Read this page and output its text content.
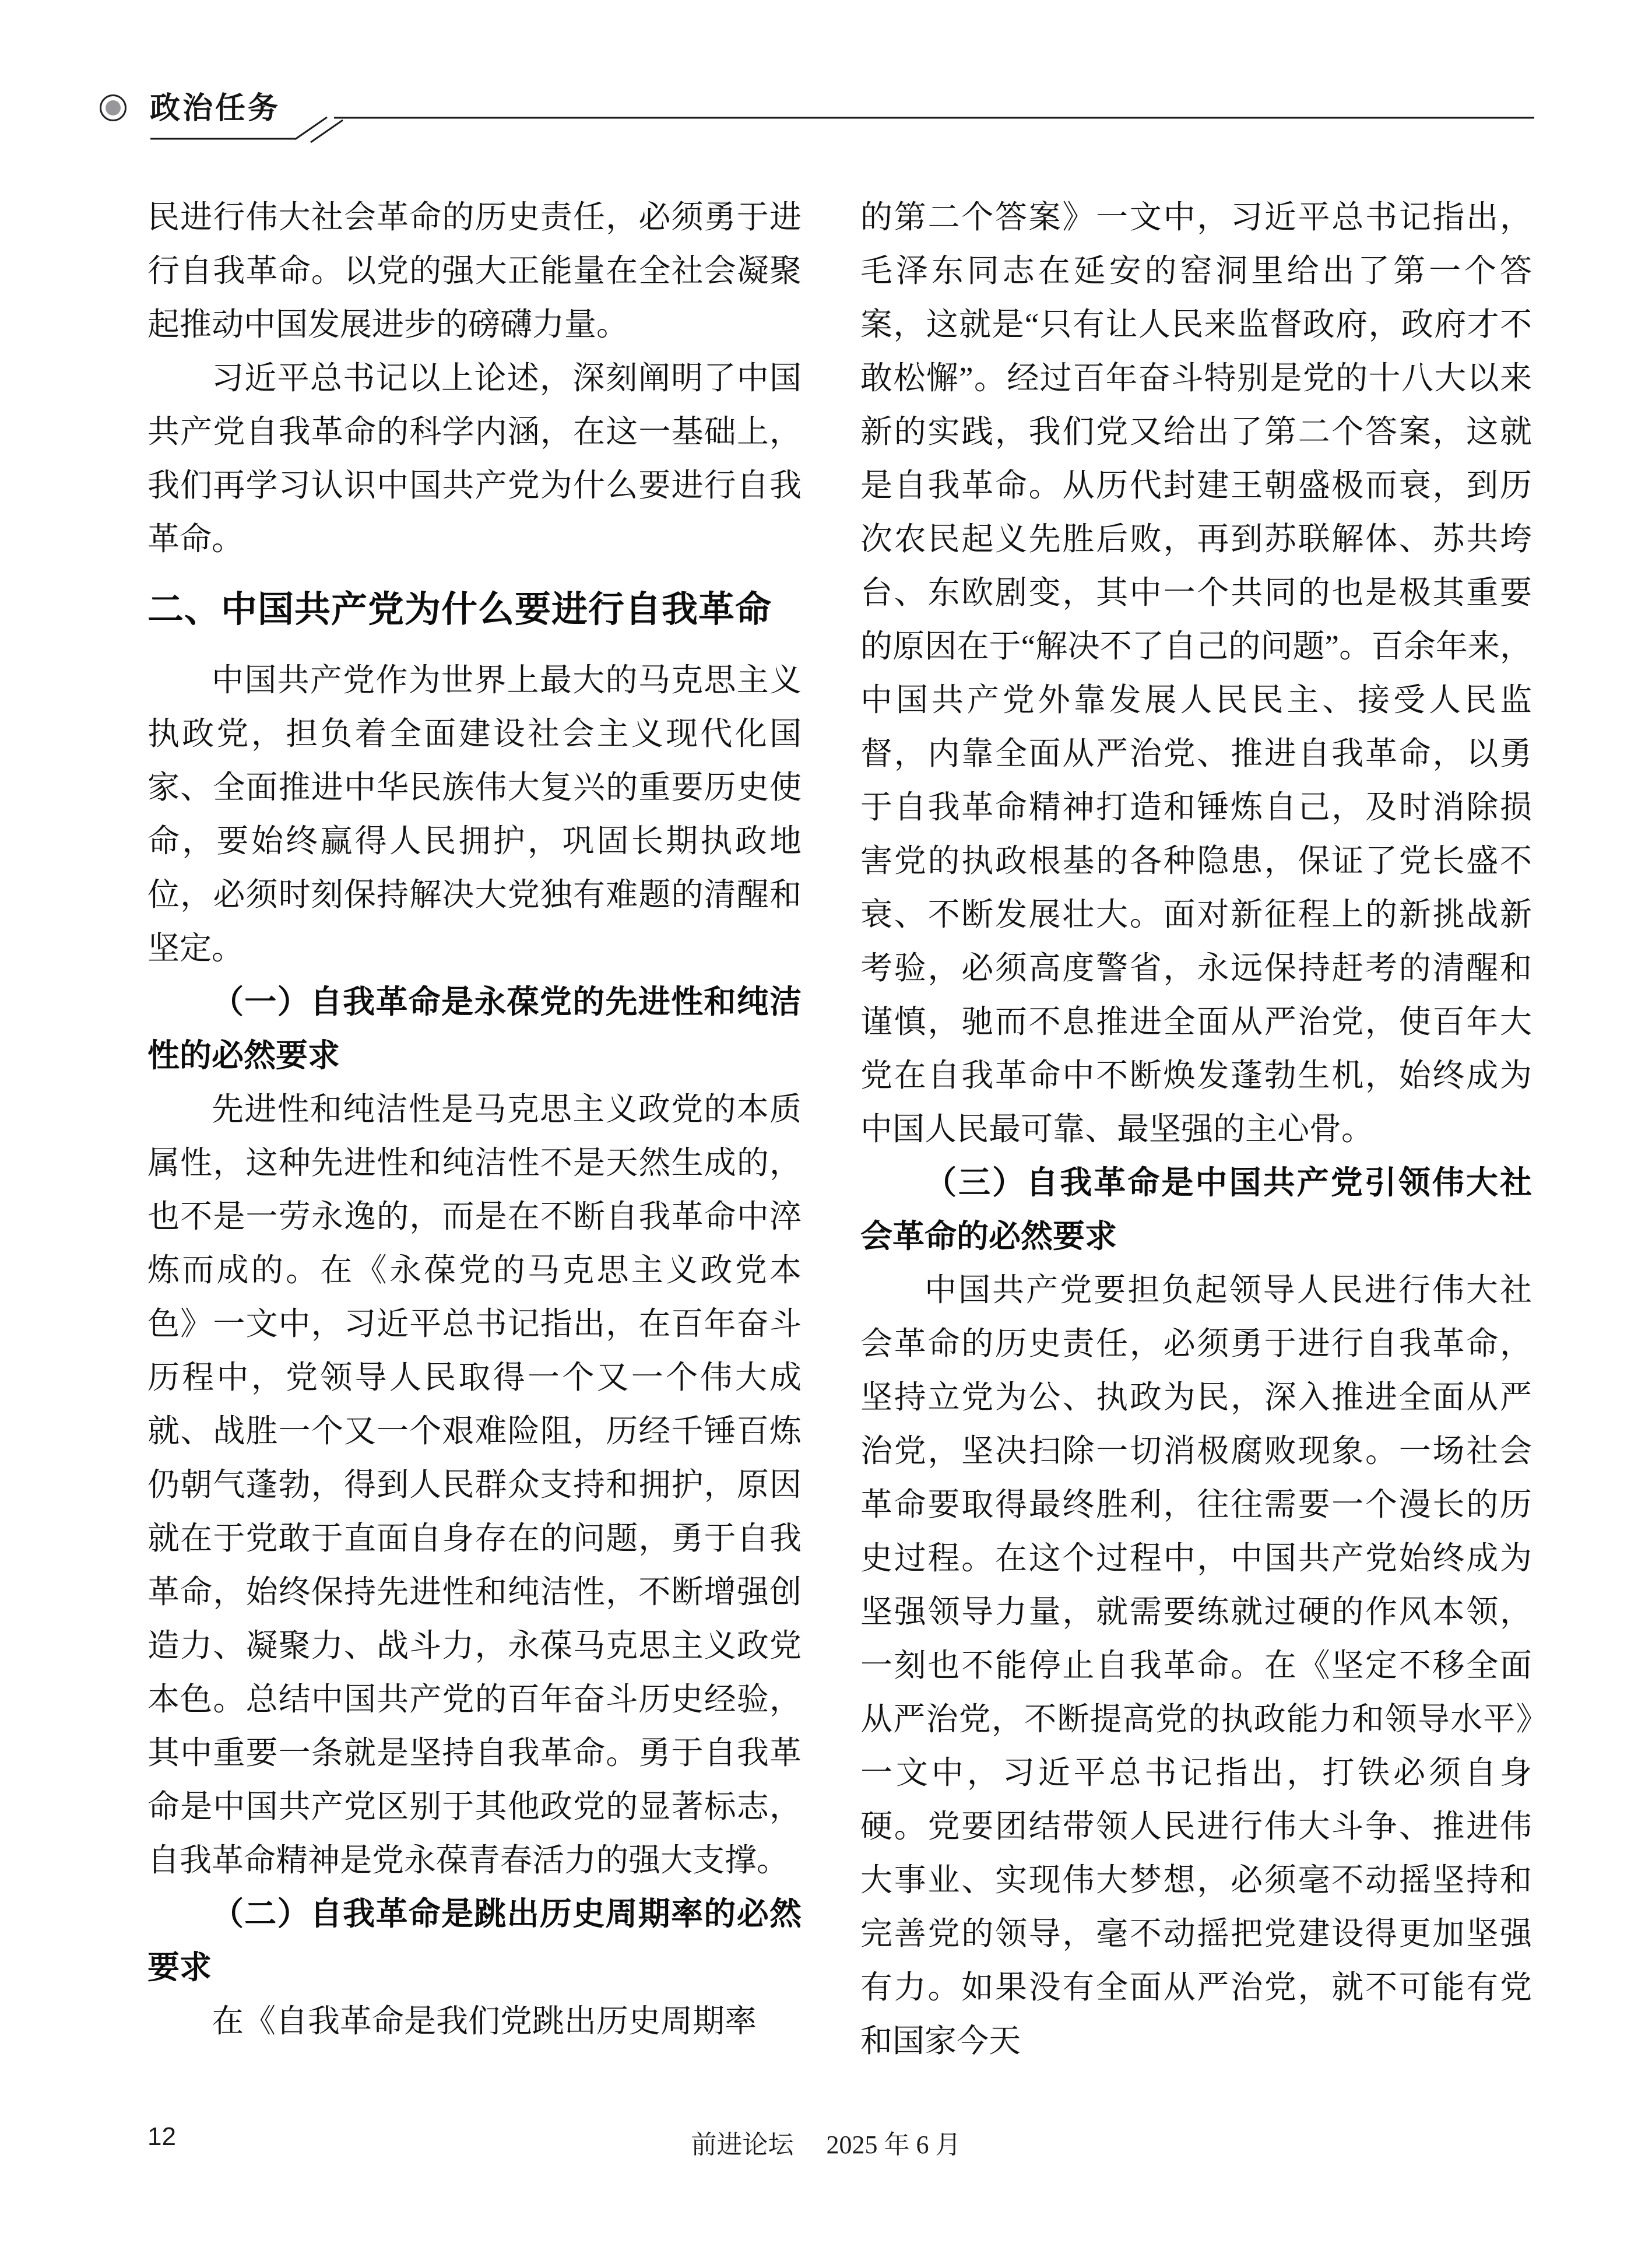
政治任务

民进行伟大社会革命的历史责任，必须勇于进行自我革命。以党的强大正能量在全社会凝聚起推动中国发展进步的磅礴力量。

习近平总书记以上论述，深刻阐明了中国共产党自我革命的科学内涵，在这一基础上，我们再学习认识中国共产党为什么要进行自我革命。

二、中国共产党为什么要进行自我革命

中国共产党作为世界上最大的马克思主义执政党，担负着全面建设社会主义现代化国家、全面推进中华民族伟大复兴的重要历史使命，要始终赢得人民拥护，巩固长期执政地位，必须时刻保持解决大党独有难题的清醒和坚定。

（一）自我革命是永葆党的先进性和纯洁性的必然要求

先进性和纯洁性是马克思主义政党的本质属性，这种先进性和纯洁性不是天然生成的，也不是一劳永逸的，而是在不断自我革命中淬炼而成的。在《永葆党的马克思主义政党本色》一文中，习近平总书记指出，在百年奋斗历程中，党领导人民取得一个又一个伟大成就、战胜一个又一个艰难险阻，历经千锤百炼仍朝气蓬勃，得到人民群众支持和拥护，原因就在于党敢于直面自身存在的问题，勇于自我革命，始终保持先进性和纯洁性，不断增强创造力、凝聚力、战斗力，永葆马克思主义政党本色。总结中国共产党的百年奋斗历史经验，其中重要一条就是坚持自我革命。勇于自我革命是中国共产党区别于其他政党的显著标志，自我革命精神是党永葆青春活力的强大支撑。

（二）自我革命是跳出历史周期率的必然要求

在《自我革命是我们党跳出历史周期率

的第二个答案》一文中，习近平总书记指出，毛泽东同志在延安的窑洞里给出了第一个答案，这就是“只有让人民来监督政府，政府才不敢松懈”。经过百年奋斗特别是党的十八大以来新的实践，我们党又给出了第二个答案，这就是自我革命。从历代封建王朝盛极而衰，到历次农民起义先胜后败，再到苏联解体、苏共垮台、东欧剧变，其中一个共同的也是极其重要的原因在于“解决不了自己的问题”。百余年来，中国共产党外靠发展人民民主、接受人民监督，内靠全面从严治党、推进自我革命，以勇于自我革命精神打造和锤炼自己，及时消除损害党的执政根基的各种隐患，保证了党长盛不衰、不断发展壮大。面对新征程上的新挑战新考验，必须高度警省，永远保持赶考的清醒和谨慎，驰而不息推进全面从严治党，使百年大党在自我革命中不断焕发蓬勃生机，始终成为中国人民最可靠、最坚强的主心骨。

（三）自我革命是中国共产党引领伟大社会革命的必然要求

中国共产党要担负起领导人民进行伟大社会革命的历史责任，必须勇于进行自我革命，坚持立党为公、执政为民，深入推进全面从严治党，坚决扫除一切消极腐败现象。一场社会革命要取得最终胜利，往往需要一个漫长的历史过程。在这个过程中，中国共产党始终成为坚强领导力量，就需要练就过硬的作风本领，一刻也不能停止自我革命。在《坚定不移全面从严治党，不断提高党的执政能力和领导水平》一文中，习近平总书记指出，打铁必须自身硬。党要团结带领人民进行伟大斗争、推进伟大事业、实现伟大梦想，必须毫不动摇坚持和完善党的领导，毫不动摇把党建设得更加坚强有力。如果没有全面从严治党，就不可能有党和国家今天

12	前进论坛 2025 年 6 月
